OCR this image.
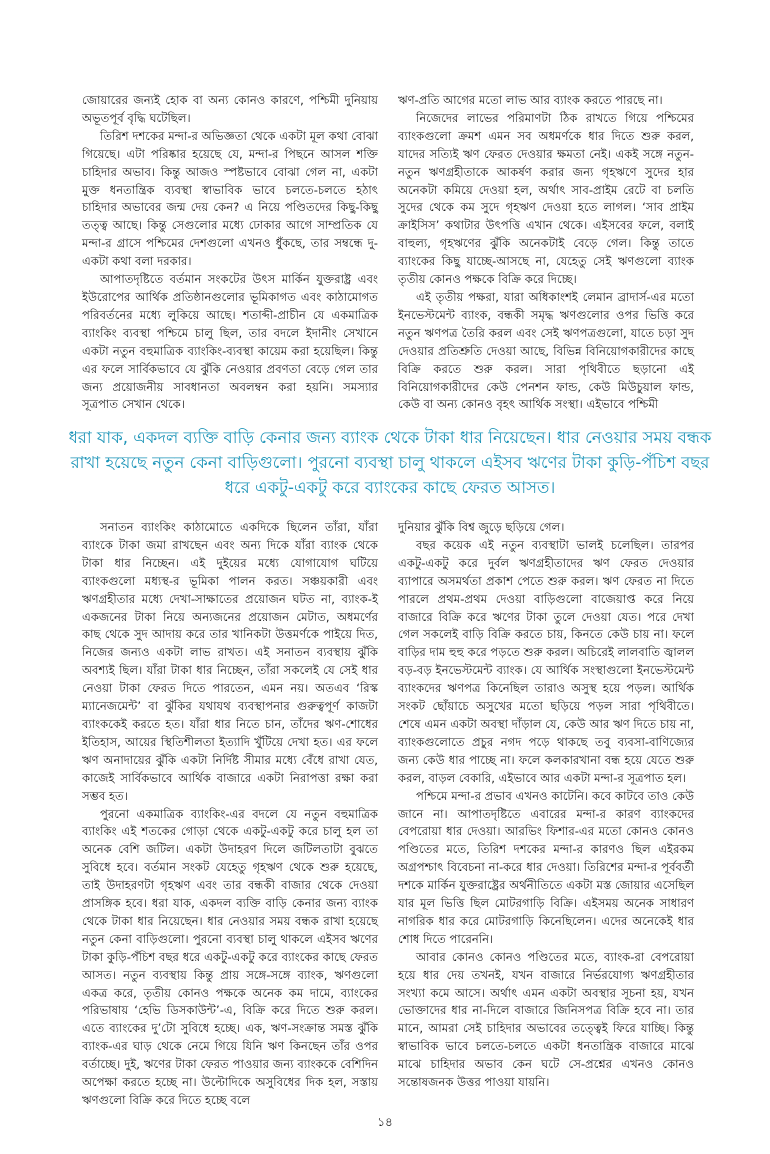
জোয়ারের জন্যই হোক বা অন্য কোনও কারণে, পশ্চিমী দুনিয়ায় অভূতপূর্ব বৃদ্ধি ঘটেছিল।

তিরিশ দশকের মন্দা-র অভিজ্ঞতা থেকে একটা মূল কথা বোঝা গিয়েছে। এটা পরিষ্কার হয়েছে যে, মন্দা-র পিছনে আসল শক্তি চাহিদার অভাব। কিন্তু আজও স্পষ্টভাবে বোঝা গেল না, একটা মুক্ত ধনতান্ত্রিক ব্যবস্থা স্বাভাবিক ভাবে চলতে-চলতে হঠাৎ চাহিদার অভাবের জন্ম দেয় কেন? এ নিয়ে পণ্ডিতদের কিছু-কিছু তত্ত্ব আছে। কিন্তু সেগুলোর মধ্যে ঢোকার আগে সাম্প্রতিক যে মন্দা-র গ্রাসে পশ্চিমের দেশগুলো এখনও ধুঁকছে, তার সম্বন্ধে দু-একটা কথা বলা দরকার।

আপাতদৃষ্টিতে বর্তমান সংকটের উৎস মার্কিন যুক্তরাষ্ট্র এবং ইউরোপের আর্থিক প্রতিষ্ঠানগুলোর ভূমিকাগত এবং কাঠামোগত পরিবর্তনের মধ্যে লুকিয়ে আছে। শতাব্দী-প্রাচীন যে একমাত্রিক ব্যাংকিং ব্যবস্থা পশ্চিমে চালু ছিল, তার বদলে ইদানীং সেখানে একটা নতুন বহুমাত্রিক ব্যাংকিং-ব্যবস্থা কায়েম করা হয়েছিল। কিন্তু এর ফলে সার্বিকভাবে যে ঝুঁকি নেওয়ার প্রবণতা বেড়ে গেল তার জন্য প্রয়োজনীয় সাবধানতা অবলম্বন করা হয়নি। সমস্যার সূত্রপাত সেখান থেকে।

ঋণ-প্রতি আগের মতো লাভ আর ব্যাংক করতে পারছে না।

নিজেদের লাভের পরিমাণটা ঠিক রাখতে গিয়ে পশ্চিমের ব্যাংকগুলো ক্রমশ এমন সব অধমর্ণকে ধার দিতে শুরু করল, যাদের সত্যিই ঋণ ফেরত দেওয়ার ক্ষমতা নেই। একই সঙ্গে নতুন-নতুন ঋণগ্রহীতাকে আকর্ষণ করার জন্য গৃহঋণে সুদের হার অনেকটা কমিয়ে দেওয়া হল, অর্থাৎ সাব-প্রাইম রেটে বা চলতি সুদের থেকে কম সুদে গৃহঋণ দেওয়া হতে লাগল। ‘সাব প্রাইম ক্রাইসিস’ কথাটার উৎপত্তি এখান থেকে। এইসবের ফলে, বলাই বাহুল্য, গৃহঋণের ঝুঁকি অনেকটাই বেড়ে গেল। কিন্তু তাতে ব্যাংকের কিছু যাচ্ছে-আসছে না, যেহেতু সেই ঋণগুলো ব্যাংক তৃতীয় কোনও পক্ষকে বিক্রি করে দিচ্ছে।

এই তৃতীয় পক্ষরা, যারা অধিকাংশই লেমান ব্রাদার্স-এর মতো ইনভেস্টমেন্ট ব্যাংক, বন্ধকী সমৃদ্ধ ঋণগুলোর ওপর ভিত্তি করে নতুন ঋণপত্র তৈরি করল এবং সেই ঋণপত্রগুলো, যাতে চড়া সুদ দেওয়ার প্রতিশ্রুতি দেওয়া আছে, বিভিন্ন বিনিয়োগকারীদের কাছে বিক্রি করতে শুরু করল। সারা পৃথিবীতে ছড়ানো এই বিনিয়োগকারীদের কেউ পেনশন ফান্ড, কেউ মিউচুয়াল ফান্ড, কেউ বা অন্য কোনও বৃহৎ আর্থিক সংস্থা। এইভাবে পশ্চিমী

ধরা যাক, একদল ব্যক্তি বাড়ি কেনার জন্য ব্যাংক থেকে টাকা ধার নিয়েছেন। ধার নেওয়ার সময় বন্ধক রাখা হয়েছে নতুন কেনা বাড়িগুলো। পুরনো ব্যবস্থা চালু থাকলে এইসব ঋণের টাকা কুড়ি-পঁচিশ বছর ধরে একটু-একটু করে ব্যাংকের কাছে ফেরত আসত।

সনাতন ব্যাংকিং কাঠামোতে একদিকে ছিলেন তাঁরা, যাঁরা ব্যাংকে টাকা জমা রাখছেন এবং অন্য দিকে যাঁরা ব্যাংক থেকে টাকা ধার নিচ্ছেন। এই দুইয়ের মধ্যে যোগাযোগ ঘটিয়ে ব্যাংকগুলো মধ্যস্থ-র ভূমিকা পালন করত। সঞ্চয়কারী এবং ঋণগ্রহীতার মধ্যে দেখা-সাক্ষাতের প্রয়োজন ঘটত না, ব্যাংক-ই একজনের টাকা নিয়ে অন্যজনের প্রয়োজন মেটাত, অধমর্ণের কাছ থেকে সুদ আদায় করে তার খানিকটা উত্তমর্ণকে পাইয়ে দিত, নিজের জন্যও একটা লাভ রাখত। এই সনাতন ব্যবস্থায় ঝুঁকি অবশ্যই ছিল। যাঁরা টাকা ধার নিচ্ছেন, তাঁরা সকলেই যে সেই ধার নেওয়া টাকা ফেরত দিতে পারতেন, এমন নয়। অতএব ‘রিস্ক ম্যানেজমেন্ট’ বা ঝুঁকির যথাযথ ব্যবস্থাপনার গুরুত্বপূর্ণ কাজটা ব্যাংককেই করতে হত। যাঁরা ধার নিতে চান, তাঁদের ঋণ-শোধের ইতিহাস, আয়ের স্থিতিশীলতা ইত্যাদি খুঁটিয়ে দেখা হত। এর ফলে ঋণ অনাদায়ের ঝুঁকি একটা নির্দিষ্ট সীমার মধ্যে বেঁধে রাখা যেত, কাজেই সার্বিকভাবে আর্থিক বাজারে একটা নিরাপত্তা রক্ষা করা সম্ভব হত।

পুরনো একমাত্রিক ব্যাংকিং-এর বদলে যে নতুন বহুমাত্রিক ব্যাংকিং এই শতকের গোড়া থেকে একটু-একটু করে চালু হল তা অনেক বেশি জটিল। একটা উদাহরণ দিলে জটিলতাটা বুঝতে সুবিধে হবে। বর্তমান সংকট যেহেতু গৃহঋণ থেকে শুরু হয়েছে, তাই উদাহরণটা গৃহঋণ এবং তার বন্ধকী বাজার থেকে দেওয়া প্রাসঙ্গিক হবে। ধরা যাক, একদল ব্যক্তি বাড়ি কেনার জন্য ব্যাংক থেকে টাকা ধার নিয়েছেন। ধার নেওয়ার সময় বন্ধক রাখা হয়েছে নতুন কেনা বাড়িগুলো। পুরনো ব্যবস্থা চালু থাকলে এইসব ঋণের টাকা কুড়ি-পঁচিশ বছর ধরে একটু-একটু করে ব্যাংকের কাছে ফেরত আসত। নতুন ব্যবস্থায় কিন্তু প্রায় সঙ্গে-সঙ্গে ব্যাংক, ঋণগুলো একত্র করে, তৃতীয় কোনও পক্ষকে অনেক কম দামে, ব্যাংকের পরিভাষায় ‘হেভি ডিসকাউন্ট’-এ, বিক্রি করে দিতে শুরু করল। এতে ব্যাংকের দু’টো সুবিধে হচ্ছে। এক, ঋণ-সংক্রান্ত সমস্ত ঝুঁকি ব্যাংক-এর ঘাড় থেকে নেমে গিয়ে যিনি ঋণ কিনছেন তাঁর ওপর বর্তাচ্ছে। দুই, ঋণের টাকা ফেরত পাওয়ার জন্য ব্যাংককে বেশিদিন অপেক্ষা করতে হচ্ছে না। উল্টোদিকে অসুবিধের দিক হল, সস্তায় ঋণগুলো বিক্রি করে দিতে হচ্ছে বলে

দুনিয়ার ঝুঁকি বিশ্ব জুড়ে ছড়িয়ে গেল।

বছর কয়েক এই নতুন ব্যবস্থাটা ভালই চলেছিল। তারপর একটু-একটু করে দুর্বল ঋণগ্রহীতাদের ঋণ ফেরত দেওয়ার ব্যাপারে অসমর্থতা প্রকাশ পেতে শুরু করল। ঋণ ফেরত না দিতে পারলে প্রথম-প্রথম দেওয়া বাড়িগুলো বাজেয়াপ্ত করে নিয়ে বাজারে বিক্রি করে ঋণের টাকা তুলে দেওয়া যেত। পরে দেখা গেল সকলেই বাড়ি বিক্রি করতে চায়, কিনতে কেউ চায় না। ফলে বাড়ির দাম হুহু করে পড়তে শুরু করল। অচিরেই লালবাতি জ্বালল বড়-বড় ইনভেস্টমেন্ট ব্যাংক। যে আর্থিক সংস্থাগুলো ইনভেস্টমেন্ট ব্যাংকদের ঋণপত্র কিনেছিল তারাও অসুস্থ হয়ে পড়ল। আর্থিক সংকট ছোঁয়াচে অসুখের মতো ছড়িয়ে পড়ল সারা পৃথিবীতে। শেষে এমন একটা অবস্থা দাঁড়াল যে, কেউ আর ঋণ দিতে চায় না, ব্যাংকগুলোতে প্রচুর নগদ পড়ে থাকছে তবু ব্যবসা-বাণিজ্যের জন্য কেউ ধার পাচ্ছে না। ফলে কলকারখানা বন্ধ হয়ে যেতে শুরু করল, বাড়ল বেকারি, এইভাবে আর একটা মন্দা-র সূত্রপাত হল।

পশ্চিমে মন্দা-র প্রভাব এখনও কাটেনি। কবে কাটবে তাও কেউ জানে না। আপাতদৃষ্টিতে এবারের মন্দা-র কারণ ব্যাংকদের বেপরোয়া ধার দেওয়া। আরভিং ফিশার-এর মতো কোনও কোনও পণ্ডিতের মতে, তিরিশ দশকের মন্দা-র কারণও ছিল এইরকম অগ্রপশ্চাৎ বিবেচনা না-করে ধার দেওয়া। তিরিশের মন্দা-র পূর্ববর্তী দশকে মার্কিন যুক্তরাষ্ট্রের অর্থনীতিতে একটা মস্ত জোয়ার এসেছিল যার মূল ভিত্তি ছিল মোটরগাড়ি বিক্রি। এইসময় অনেক সাধারণ নাগরিক ধার করে মোটরগাড়ি কিনেছিলেন। এদের অনেকেই ধার শোধ দিতে পারেননি।

আবার কোনও কোনও পণ্ডিতের মতে, ব্যাংক-রা বেপরোয়া হয়ে ধার দেয় তখনই, যখন বাজারে নির্ভরযোগ্য ঋণগ্রহীতার সংখ্যা কমে আসে। অর্থাৎ এমন একটা অবস্থার সূচনা হয়, যখন ভোক্তাদের ধার না-দিলে বাজারে জিনিসপত্র বিক্রি হবে না। তার মানে, আমরা সেই চাহিদার অভাবের তত্ত্বেই ফিরে যাচ্ছি। কিন্তু স্বাভাবিক ভাবে চলতে-চলতে একটা ধনতান্ত্রিক বাজারে মাঝে মাঝে চাহিদার অভাব কেন ঘটে সে-প্রশ্নের এখনও কোনও সন্তোষজনক উত্তর পাওয়া যায়নি।

১৪
